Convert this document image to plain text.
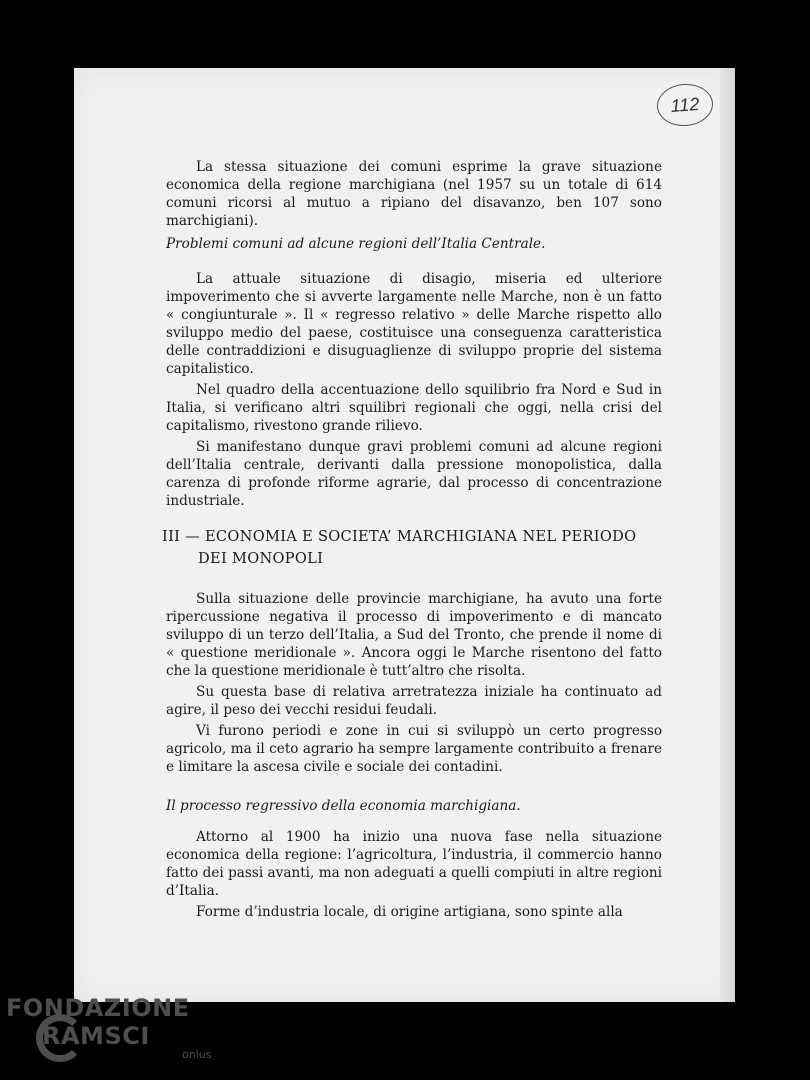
112

La stessa situazione dei comuni esprime la grave situazione economica della regione marchigiana (nel 1957 su un totale di 614 comuni ricorsi al mutuo a ripiano del disavanzo, ben 107 sono marchigiani).

Problemi comuni ad alcune regioni dell’Italia Centrale.

La attuale situazione di disagio, miseria ed ulteriore impoverimento che si avverte largamente nelle Marche, non è un fatto « congiunturale ». Il « regresso relativo » delle Marche rispetto allo sviluppo medio del paese, costituisce una conseguenza caratteristica delle contraddizioni e disuguaglienze di sviluppo proprie del sistema capitalistico.

Nel quadro della accentuazione dello squilibrio fra Nord e Sud in Italia, si verificano altri squilibri regionali che oggi, nella crisi del capitalismo, rivestono grande rilievo.

Si manifestano dunque gravi problemi comuni ad alcune regioni dell’Italia centrale, derivanti dalla pressione monopolistica, dalla carenza di profonde riforme agrarie, dal processo di concentrazione industriale.

III — ECONOMIA E SOCIETA’ MARCHIGIANA NEL PERIODO
DEI MONOPOLI

Sulla situazione delle provincie marchigiane, ha avuto una forte ripercussione negativa il processo di impoverimento e di mancato sviluppo di un terzo dell’Italia, a Sud del Tronto, che prende il nome di « questione meridionale ». Ancora oggi le Marche risentono del fatto che la questione meridionale è tutt’altro che risolta.

Su questa base di relativa arretratezza iniziale ha continuato ad agire, il peso dei vecchi residui feudali.

Vi furono periodi e zone in cui si sviluppò un certo progresso agricolo, ma il ceto agrario ha sempre largamente contribuito a frenare e limitare la ascesa civile e sociale dei contadini.

Il processo regressivo della economia marchigiana.

Attorno al 1900 ha inizio una nuova fase nella situazione economica della regione: l’agricoltura, l’industria, il commercio hanno fatto dei passi avanti, ma non adeguati a quelli compiuti in altre regioni d’Italia.

Forme d’industria locale, di origine artigiana, sono spinte alla

FONDAZIONE
RAMSCI
onlus
